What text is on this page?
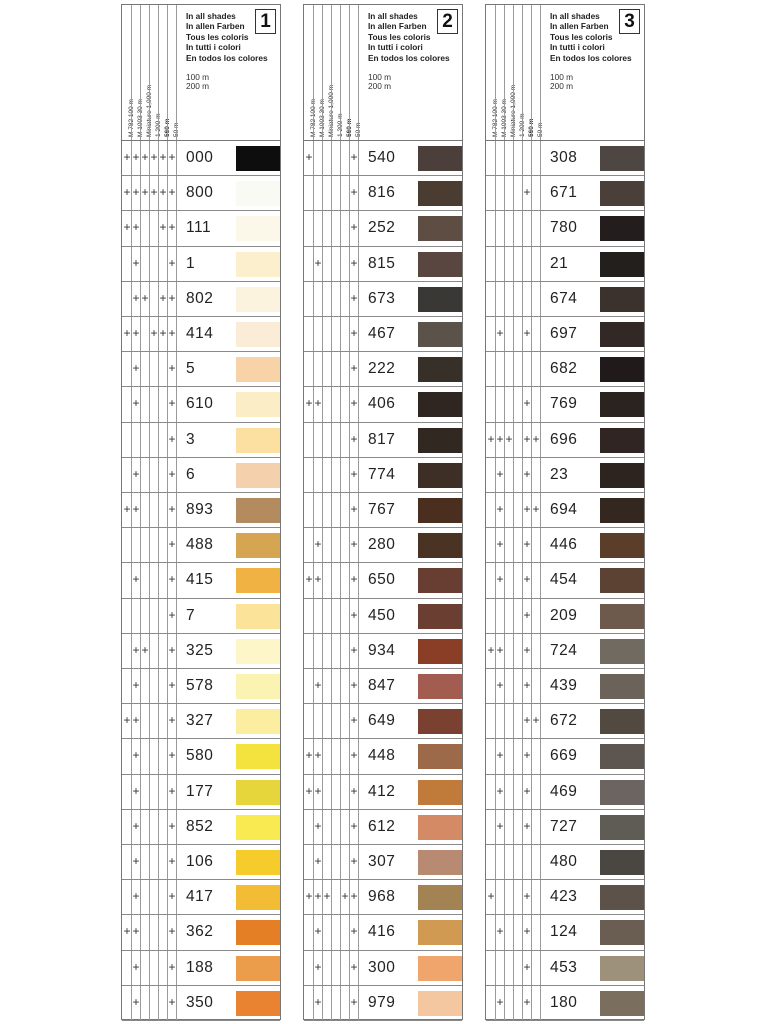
M 782 100 m M 1003 30 m Miniature 1,000 m 1 200 m 560 m 50 m
In all shades
In allen Farben
Tous les coloris
In tutti i colori
En todos los colores
100 m
200 m
1
+ + + + + + 000
+ + + + + + 800
+ + + + 111
+ + 1
+ + + + 802
+ + + + + 414
+ + 5
+ + 610
+ 3
+ + 6
+ + + 893
+ 488
+ + 415
+ 7
+ + + 325
+ + 578
+ + + 327
+ + 580
+ + 177
+ + 852
+ + 106
+ + 417
+ + + 362
+ + 188
+ + 350
M 782 100 m M 1003 30 m Miniature 1,000 m 1 200 m 560 m 50 m
In all shades
In allen Farben
Tous les coloris
In tutti i colori
En todos los colores
100 m
200 m
2
+	+ 540
+ 816
+ 252
+ + 815
+ 673
+ 467
+ 222
+ + + 406
+ 817
+ 774
+ 767
+ + 280
+ + + 650
+ 450
+ 934
+ + 847
+ 649
+ + + 448
+ + + 412
+ + 612
+ + 307
+ + + + + 968
+ + 416
+ + 300
+ + 979
M 782 100 m M 1003 30 m Miniature 1,000 m 1 200 m 560 m 50 m
In all shades
In allen Farben
Tous les coloris
In tutti i colori
En todos los colores
100 m
200 m
3
308
+ 671
780
21
674
+ + 697
682
+ 769
+ + + + + 696
+ + 23
+ + + 694
+ + 446
+ + 454
+ 209
+ + + 724
+ + 439
+ + 672
+ + 669
+ + 469
+ + 727
480
+ + 423
+ + 124
+ 453
+ + 180
